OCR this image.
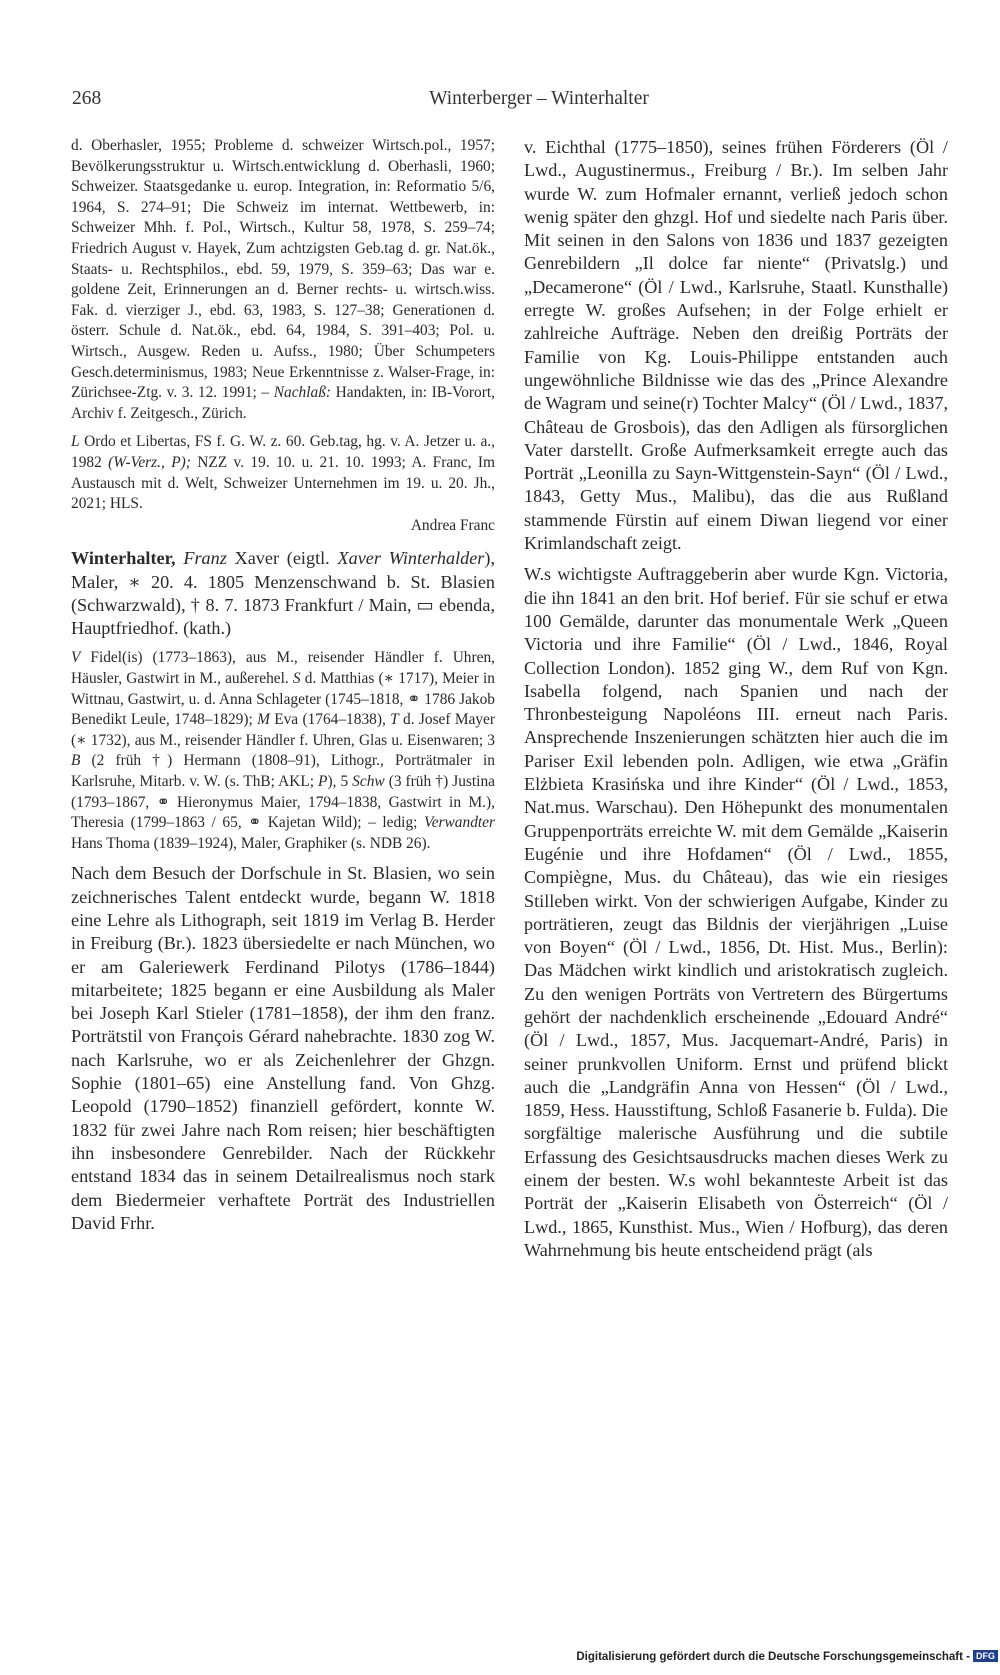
268	Winterberger – Winterhalter

d. Oberhasler, 1955; Probleme d. schweizer Wirtsch.pol., 1957; Bevölkerungsstruktur u. Wirtsch.entwicklung d. Oberhasli, 1960; Schweizer. Staatsgedanke u. europ. Integration, in: Reformatio 5/6, 1964, S. 274–91; Die Schweiz im internat. Wettbewerb, in: Schweizer Mhh. f. Pol., Wirtsch., Kultur 58, 1978, S. 259–74; Friedrich August v. Hayek, Zum achtzigsten Geb.tag d. gr. Nat.ök., Staats- u. Rechtsphilos., ebd. 59, 1979, S. 359–63; Das war e. goldene Zeit, Erinnerungen an d. Berner rechts- u. wirtsch.wiss. Fak. d. vierziger J., ebd. 63, 1983, S. 127–38; Generationen d. österr. Schule d. Nat.ök., ebd. 64, 1984, S. 391–403; Pol. u. Wirtsch., Ausgew. Reden u. Aufss., 1980; Über Schumpeters Gesch.determinismus, 1983; Neue Erkenntnisse z. Walser-Frage, in: Zürichsee-Ztg. v. 3. 12. 1991; – Nachlaß: Handakten, in: IB-Vorort, Archiv f. Zeitgesch., Zürich.

L Ordo et Libertas, FS f. G. W. z. 60. Geb.tag, hg. v. A. Jetzer u. a., 1982 (W-Verz., P); NZZ v. 19. 10. u. 21. 10. 1993; A. Franc, Im Austausch mit d. Welt, Schweizer Unternehmen im 19. u. 20. Jh., 2021; HLS.

Andrea Franc

Winterhalter, Franz Xaver (eigtl. Xaver Winterhalder), Maler, ∗ 20. 4. 1805 Menzenschwand b. St. Blasien (Schwarzwald), † 8. 7. 1873 Frankfurt / Main, ▭ ebenda, Hauptfriedhof. (kath.)

V Fidel(is) (1773–1863), aus M., reisender Händler f. Uhren, Häusler, Gastwirt in M., außerehel. S d. Matthias (∗ 1717), Meier in Wittnau, Gastwirt, u. d. Anna Schlageter (1745–1818, ⚭ 1786 Jakob Benedikt Leule, 1748–1829); M Eva (1764–1838), T d. Josef Mayer (∗ 1732), aus M., reisender Händler f. Uhren, Glas u. Eisenwaren; 3 B (2 früh †) Hermann (1808–91), Lithogr., Porträtmaler in Karlsruhe, Mitarb. v. W. (s. ThB; AKL; P), 5 Schw (3 früh †) Justina (1793–1867, ⚭ Hieronymus Maier, 1794–1838, Gastwirt in M.), Theresia (1799–1863 / 65, ⚭ Kajetan Wild); – ledig; Verwandter Hans Thoma (1839–1924), Maler, Graphiker (s. NDB 26).

Nach dem Besuch der Dorfschule in St. Blasien, wo sein zeichnerisches Talent entdeckt wurde, begann W. 1818 eine Lehre als Lithograph, seit 1819 im Verlag B. Herder in Freiburg (Br.). 1823 übersiedelte er nach München, wo er am Galeriewerk Ferdinand Pilotys (1786–1844) mitarbeitete; 1825 begann er eine Ausbildung als Maler bei Joseph Karl Stieler (1781–1858), der ihm den franz. Porträtstil von François Gérard nahebrachte. 1830 zog W. nach Karlsruhe, wo er als Zeichenlehrer der Ghzgn. Sophie (1801–65) eine Anstellung fand. Von Ghzg. Leopold (1790–1852) finanziell gefördert, konnte W. 1832 für zwei Jahre nach Rom reisen; hier beschäftigten ihn insbesondere Genrebilder. Nach der Rückkehr entstand 1834 das in seinem Detailrealismus noch stark dem Biedermeier verhaftete Porträt des Industriellen David Frhr.

v. Eichthal (1775–1850), seines frühen Förderers (Öl / Lwd., Augustinermus., Freiburg / Br.). Im selben Jahr wurde W. zum Hofmaler ernannt, verließ jedoch schon wenig später den ghzgl. Hof und siedelte nach Paris über. Mit seinen in den Salons von 1836 und 1837 gezeigten Genrebildern „Il dolce far niente“ (Privatslg.) und „Decamerone“ (Öl / Lwd., Karlsruhe, Staatl. Kunsthalle) erregte W. großes Aufsehen; in der Folge erhielt er zahlreiche Aufträge. Neben den dreißig Porträts der Familie von Kg. Louis-Philippe entstanden auch ungewöhnliche Bildnisse wie das des „Prince Alexandre de Wagram und seine(r) Tochter Malcy“ (Öl / Lwd., 1837, Château de Grosbois), das den Adligen als fürsorglichen Vater darstellt. Große Aufmerksamkeit erregte auch das Porträt „Leonilla zu Sayn-Wittgenstein-Sayn“ (Öl / Lwd., 1843, Getty Mus., Malibu), das die aus Rußland stammende Fürstin auf einem Diwan liegend vor einer Krimlandschaft zeigt.

W.s wichtigste Auftraggeberin aber wurde Kgn. Victoria, die ihn 1841 an den brit. Hof berief. Für sie schuf er etwa 100 Gemälde, darunter das monumentale Werk „Queen Victoria und ihre Familie“ (Öl / Lwd., 1846, Royal Collection London). 1852 ging W., dem Ruf von Kgn. Isabella folgend, nach Spanien und nach der Thronbesteigung Napoléons III. erneut nach Paris. Ansprechende Inszenierungen schätzten hier auch die im Pariser Exil lebenden poln. Adligen, wie etwa „Gräfin Elżbieta Krasińska und ihre Kinder“ (Öl / Lwd., 1853, Nat.mus. Warschau). Den Höhepunkt des monumentalen Gruppenporträts erreichte W. mit dem Gemälde „Kaiserin Eugénie und ihre Hofdamen“ (Öl / Lwd., 1855, Compiègne, Mus. du Château), das wie ein riesiges Stilleben wirkt. Von der schwierigen Aufgabe, Kinder zu porträtieren, zeugt das Bildnis der vierjährigen „Luise von Boyen“ (Öl / Lwd., 1856, Dt. Hist. Mus., Berlin): Das Mädchen wirkt kindlich und aristokratisch zugleich. Zu den wenigen Porträts von Vertretern des Bürgertums gehört der nachdenklich erscheinende „Edouard André“ (Öl / Lwd., 1857, Mus. Jacquemart-André, Paris) in seiner prunkvollen Uniform. Ernst und prüfend blickt auch die „Landgräfin Anna von Hessen“ (Öl / Lwd., 1859, Hess. Hausstiftung, Schloß Fasanerie b. Fulda). Die sorgfältige malerische Ausführung und die subtile Erfassung des Gesichtsausdrucks machen dieses Werk zu einem der besten. W.s wohl bekannteste Arbeit ist das Porträt der „Kaiserin Elisabeth von Österreich“ (Öl / Lwd., 1865, Kunsthist. Mus., Wien / Hofburg), das deren Wahrnehmung bis heute entscheidend prägt (als

Digitalisierung gefördert durch die Deutsche Forschungsgemeinschaft - DFG
